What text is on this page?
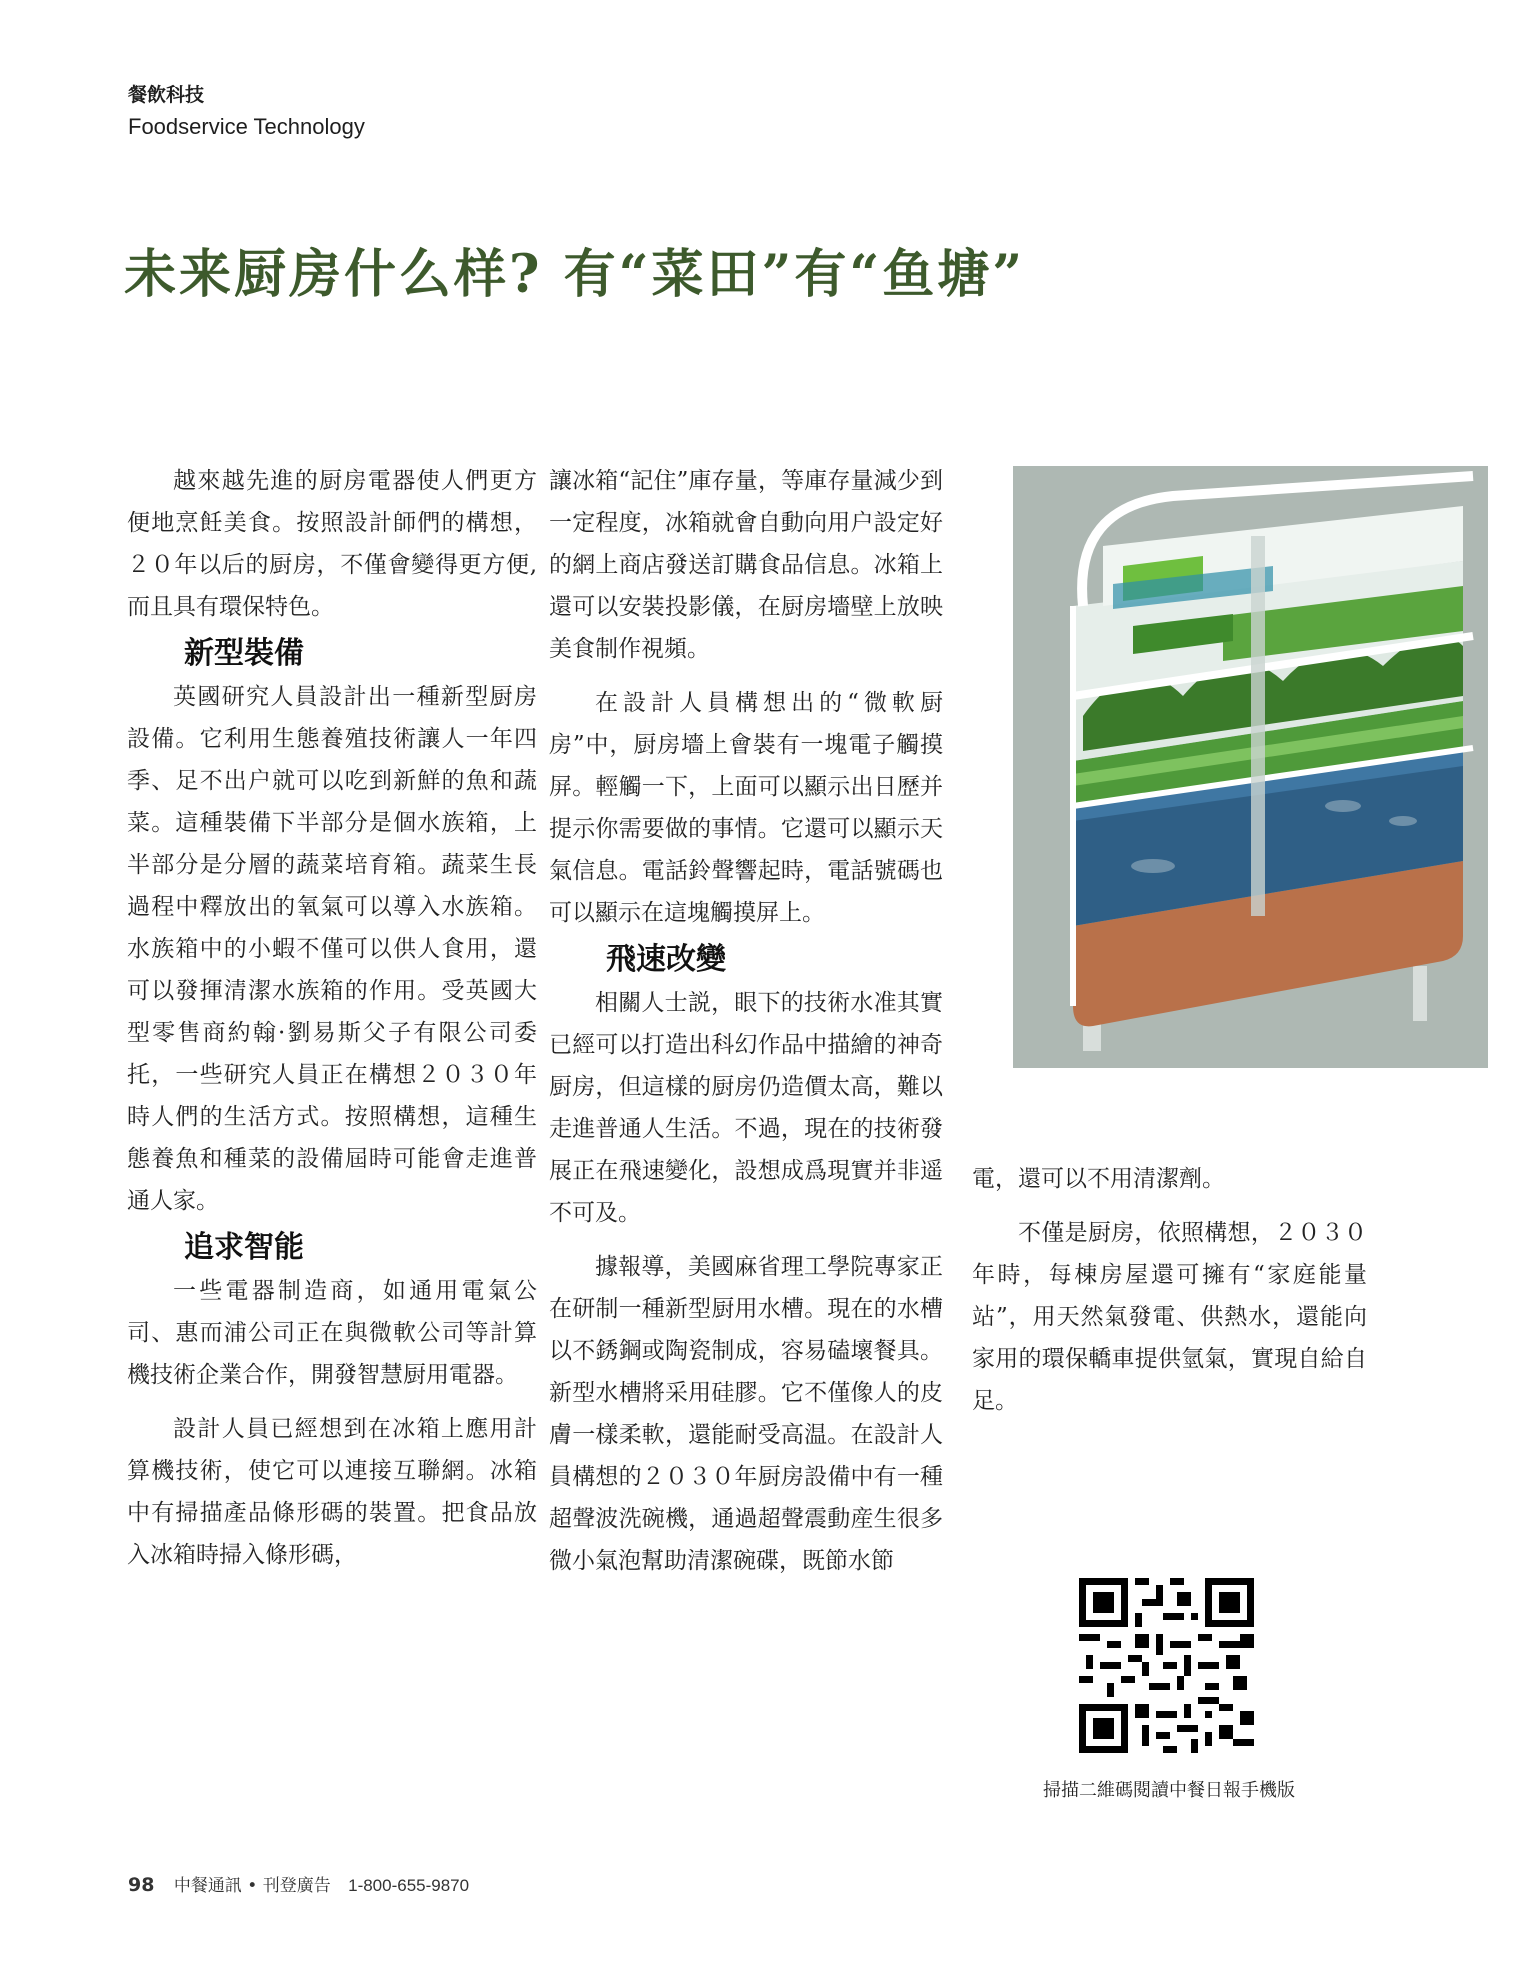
餐飲科技
Foodservice Technology
未来厨房什么样? 有“菜田”有“鱼塘”

越來越先進的厨房電器使人們更方便地烹飪美食。按照設計師們的構想，２０年以后的厨房，不僅會變得更方便,而且具有環保特色。

新型裝備

英國研究人員設計出一種新型厨房設備。它利用生態養殖技術讓人一年四季、足不出户就可以吃到新鮮的魚和蔬菜。這種裝備下半部分是個水族箱，上半部分是分層的蔬菜培育箱。蔬菜生長過程中釋放出的氧氣可以導入水族箱。水族箱中的小蝦不僅可以供人食用，還可以發揮清潔水族箱的作用。受英國大型零售商約翰·劉易斯父子有限公司委托，一些研究人員正在構想２０３０年時人們的生活方式。按照構想，這種生態養魚和種菜的設備屆時可能會走進普通人家。

追求智能

一些電器制造商，如通用電氣公司、惠而浦公司正在與微軟公司等計算機技術企業合作，開發智慧厨用電器。

設計人員已經想到在冰箱上應用計算機技術，使它可以連接互聯網。冰箱中有掃描產品條形碼的裝置。把食品放入冰箱時掃入條形碼，

讓冰箱“記住”庫存量，等庫存量減少到一定程度，冰箱就會自動向用户設定好的網上商店發送訂購食品信息。冰箱上還可以安裝投影儀，在厨房墻壁上放映美食制作視頻。

在設計人員構想出的“微軟厨房”中，厨房墻上會裝有一塊電子觸摸屏。輕觸一下，上面可以顯示出日歷并提示你需要做的事情。它還可以顯示天氣信息。電話鈴聲響起時，電話號碼也可以顯示在這塊觸摸屏上。

飛速改變

相關人士説，眼下的技術水准其實已經可以打造出科幻作品中描繪的神奇厨房，但這樣的厨房仍造價太高，難以走進普通人生活。不過，現在的技術發展正在飛速變化，設想成爲現實并非遥不可及。

據報導，美國麻省理工學院專家正在研制一種新型厨用水槽。現在的水槽以不銹鋼或陶瓷制成，容易磕壞餐具。新型水槽將采用硅膠。它不僅像人的皮膚一樣柔軟，還能耐受高温。在設計人員構想的２０３０年厨房設備中有一種超聲波洗碗機，通過超聲震動産生很多微小氣泡幫助清潔碗碟，既節水節

電，還可以不用清潔劑。

不僅是厨房，依照構想，２０３０年時，每棟房屋還可擁有“家庭能量站”，用天然氣發電、供熱水，還能向家用的環保轎車提供氫氣，實現自給自足。

掃描二維碼閱讀中餐日報手機版
98 中餐通訊 • 刊登廣告 1-800-655-9870
